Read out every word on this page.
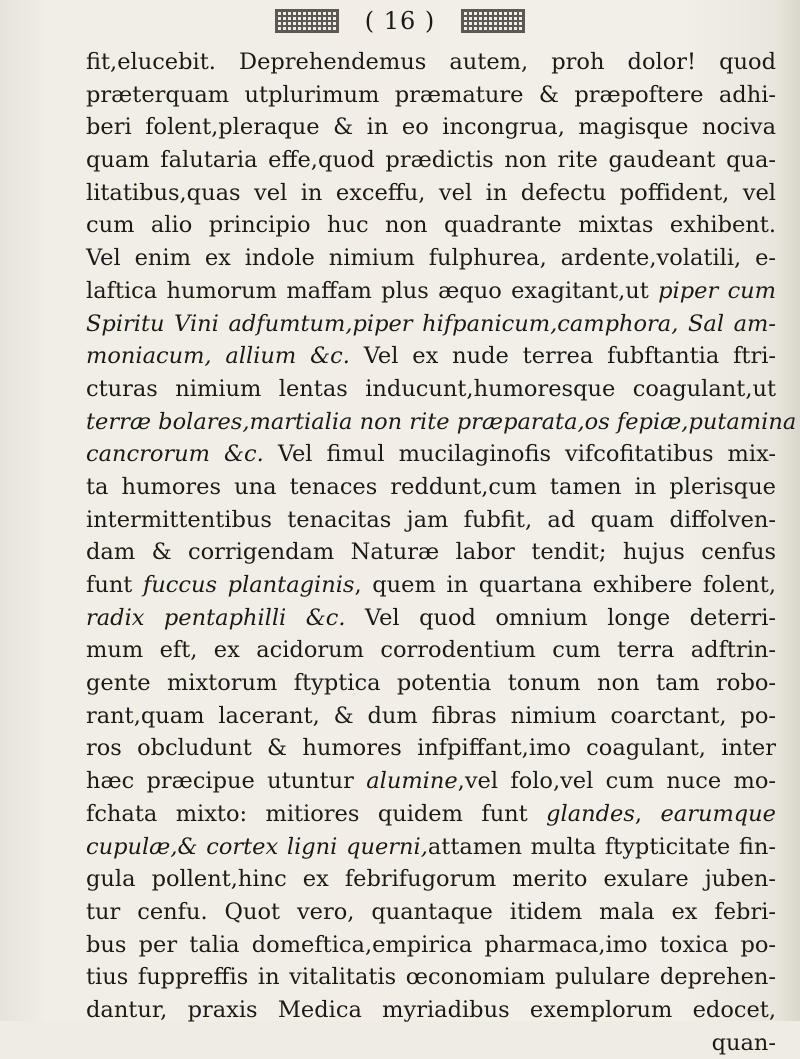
( 16 )
fit,elucebit. Deprehendemus autem, proh dolor! quod
præterquam utplurimum præmature & præpoftere adhi-
beri folent,pleraque & in eo incongrua, magisque nociva
quam falutaria effe,quod prædictis non rite gaudeant qua-
litatibus,quas vel in exceffu, vel in defectu poffident, vel
cum alio principio huc non quadrante mixtas exhibent.
Vel enim ex indole nimium fulphurea, ardente,volatili, e-
laftica humorum maffam plus æquo exagitant,ut piper cum
Spiritu Vini adfumtum,piper hifpanicum,camphora, Sal am-
moniacum, allium &c. Vel ex nude terrea fubftantia ftri-
cturas nimium lentas inducunt,humoresque coagulant,ut
terræ bolares,martialia non rite præparata,os fepiæ,putamina
cancrorum &c. Vel fimul mucilaginofis vifcofitatibus mix-
ta humores una tenaces reddunt,cum tamen in plerisque
intermittentibus tenacitas jam fubfit, ad quam diffolven-
dam & corrigendam Naturæ labor tendit; hujus cenfus
funt fuccus plantaginis, quem in quartana exhibere folent,
radix pentaphilli &c. Vel quod omnium longe deterri-
mum eft, ex acidorum corrodentium cum terra adftrin-
gente mixtorum ftyptica potentia tonum non tam robo-
rant,quam lacerant, & dum fibras nimium coarctant, po-
ros obcludunt & humores infpiffant,imo coagulant, inter
hæc præcipue utuntur alumine,vel folo,vel cum nuce mo-
fchata mixto: mitiores quidem funt glandes, earumque
cupulæ,& cortex ligni querni,attamen multa ftypticitate fin-
gula pollent,hinc ex febrifugorum merito exulare juben-
tur cenfu. Quot vero, quantaque itidem mala ex febri-
bus per talia domeftica,empirica pharmaca,imo toxica po-
tius fuppreffis in vitalitatis œconomiam pululare deprehen-
dantur, praxis Medica myriadibus exemplorum edocet,
quan-
